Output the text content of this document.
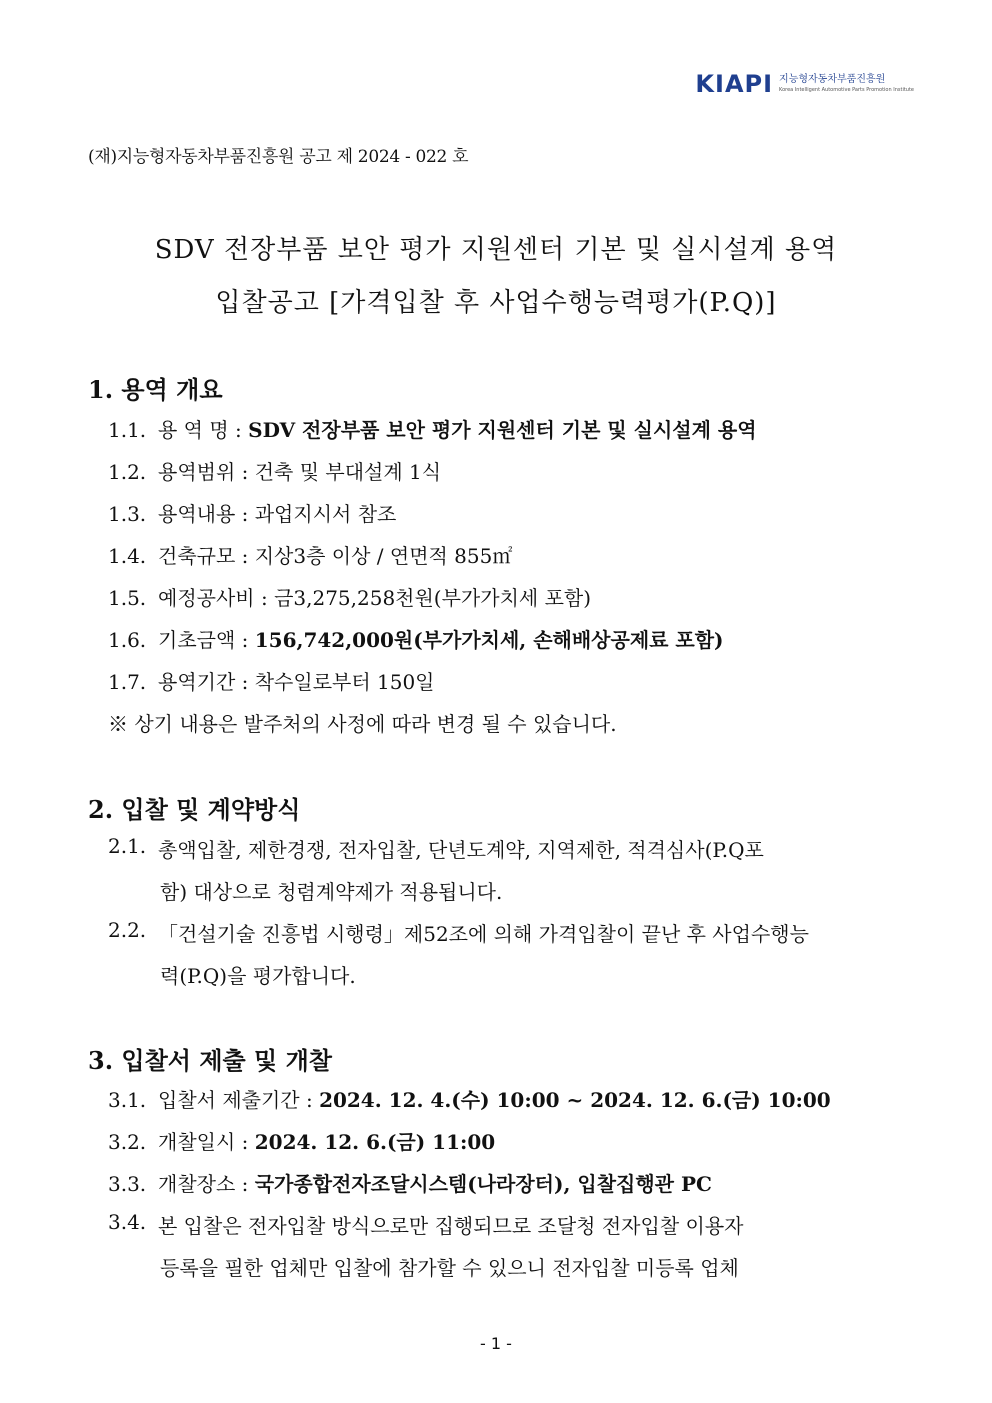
KIAPI 지능형자동차부품진흥원
Korea Intelligent Automotive Parts Promotion Institute
(재)지능형자동차부품진흥원 공고 제 2024 - 022 호
SDV 전장부품 보안 평가 지원센터 기본 및 실시설계 용역
입찰공고 [가격입찰 후 사업수행능력평가(P.Q)]
1. 용역 개요
1.1. 용 역 명 : SDV 전장부품 보안 평가 지원센터 기본 및 실시설계 용역
1.2. 용역범위 : 건축 및 부대설계 1식
1.3. 용역내용 : 과업지시서 참조
1.4. 건축규모 : 지상3층 이상 / 연면적 855㎡
1.5. 예정공사비 : 금3,275,258천원(부가가치세 포함)
1.6. 기초금액 : 156,742,000원(부가가치세, 손해배상공제료 포함)
1.7. 용역기간 : 착수일로부터 150일
※ 상기 내용은 발주처의 사정에 따라 변경 될 수 있습니다.
2. 입찰 및 계약방식
2.1. 총액입찰, 제한경쟁, 전자입찰, 단년도계약, 지역제한, 적격심사(P.Q포
함) 대상으로 청렴계약제가 적용됩니다.
2.2. 「건설기술 진흥법 시행령」제52조에 의해 가격입찰이 끝난 후 사업수행능
력(P.Q)을 평가합니다.
3. 입찰서 제출 및 개찰
3.1. 입찰서 제출기간 : 2024. 12. 4.(수) 10:00 ~ 2024. 12. 6.(금) 10:00
3.2. 개찰일시 : 2024. 12. 6.(금) 11:00
3.3. 개찰장소 : 국가종합전자조달시스템(나라장터), 입찰집행관 PC
3.4. 본 입찰은 전자입찰 방식으로만 집행되므로 조달청 전자입찰 이용자
등록을 필한 업체만 입찰에 참가할 수 있으니 전자입찰 미등록 업체
- 1 -
